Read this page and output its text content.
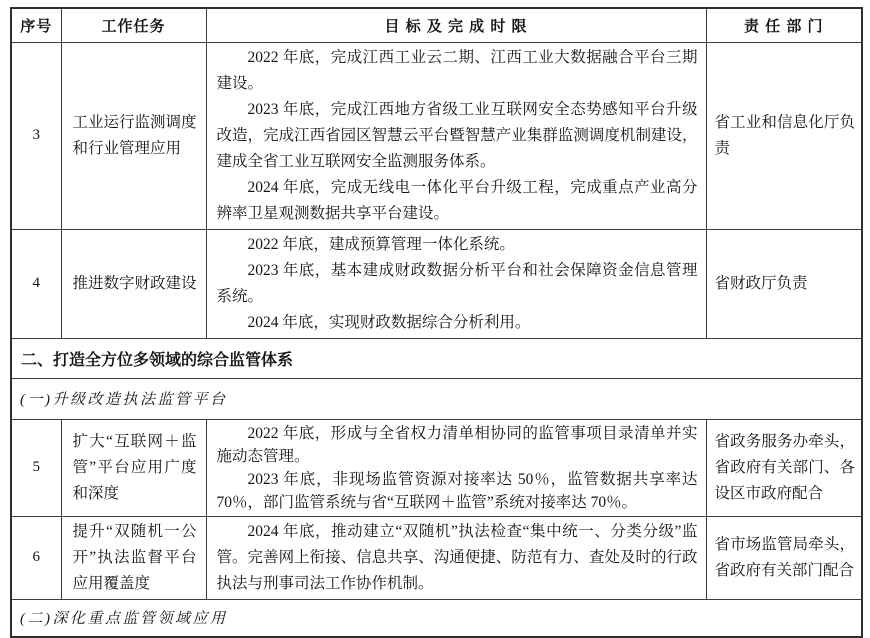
序号	工作任务	目 标 及 完 成 时 限	责 任 部 门
3	工业运行监测调度和行业管理应用	2022 年底，完成江西工业云二期、江西工业大数据融合平台三期建设。

2023 年底，完成江西地方省级工业互联网安全态势感知平台升级改造，完成江西省园区智慧云平台暨智慧产业集群监测调度机制建设，建成全省工业互联网安全监测服务体系。

2024 年底，完成无线电一体化平台升级工程，完成重点产业高分辨率卫星观测数据共享平台建设。	省工业和信息化厅负责
4	推进数字财政建设	2022 年底，建成预算管理一体化系统。

2023 年底，基本建成财政数据分析平台和社会保障资金信息管理系统。

2024 年底，实现财政数据综合分析利用。	省财政厅负责
二、打造全方位多领域的综合监管体系			
(一)升级改造执法监管平台			
5	扩大“互联网＋监管”平台应用广度和深度	2022 年底，形成与全省权力清单相协同的监管事项目录清单并实施动态管理。

2023 年底，非现场监管资源对接率达 50％，监管数据共享率达 70％，部门监管系统与省“互联网＋监管”系统对接率达 70％。	省政务服务办牵头，省政府有关部门、各设区市政府配合
6	提升“双随机一公开”执法监督平台应用覆盖度	2024 年底，推动建立“双随机”执法检查“集中统一、分类分级”监管。完善网上衔接、信息共享、沟通便捷、防范有力、查处及时的行政执法与刑事司法工作协作机制。	省市场监管局牵头，省政府有关部门配合
(二)深化重点监管领域应用			
